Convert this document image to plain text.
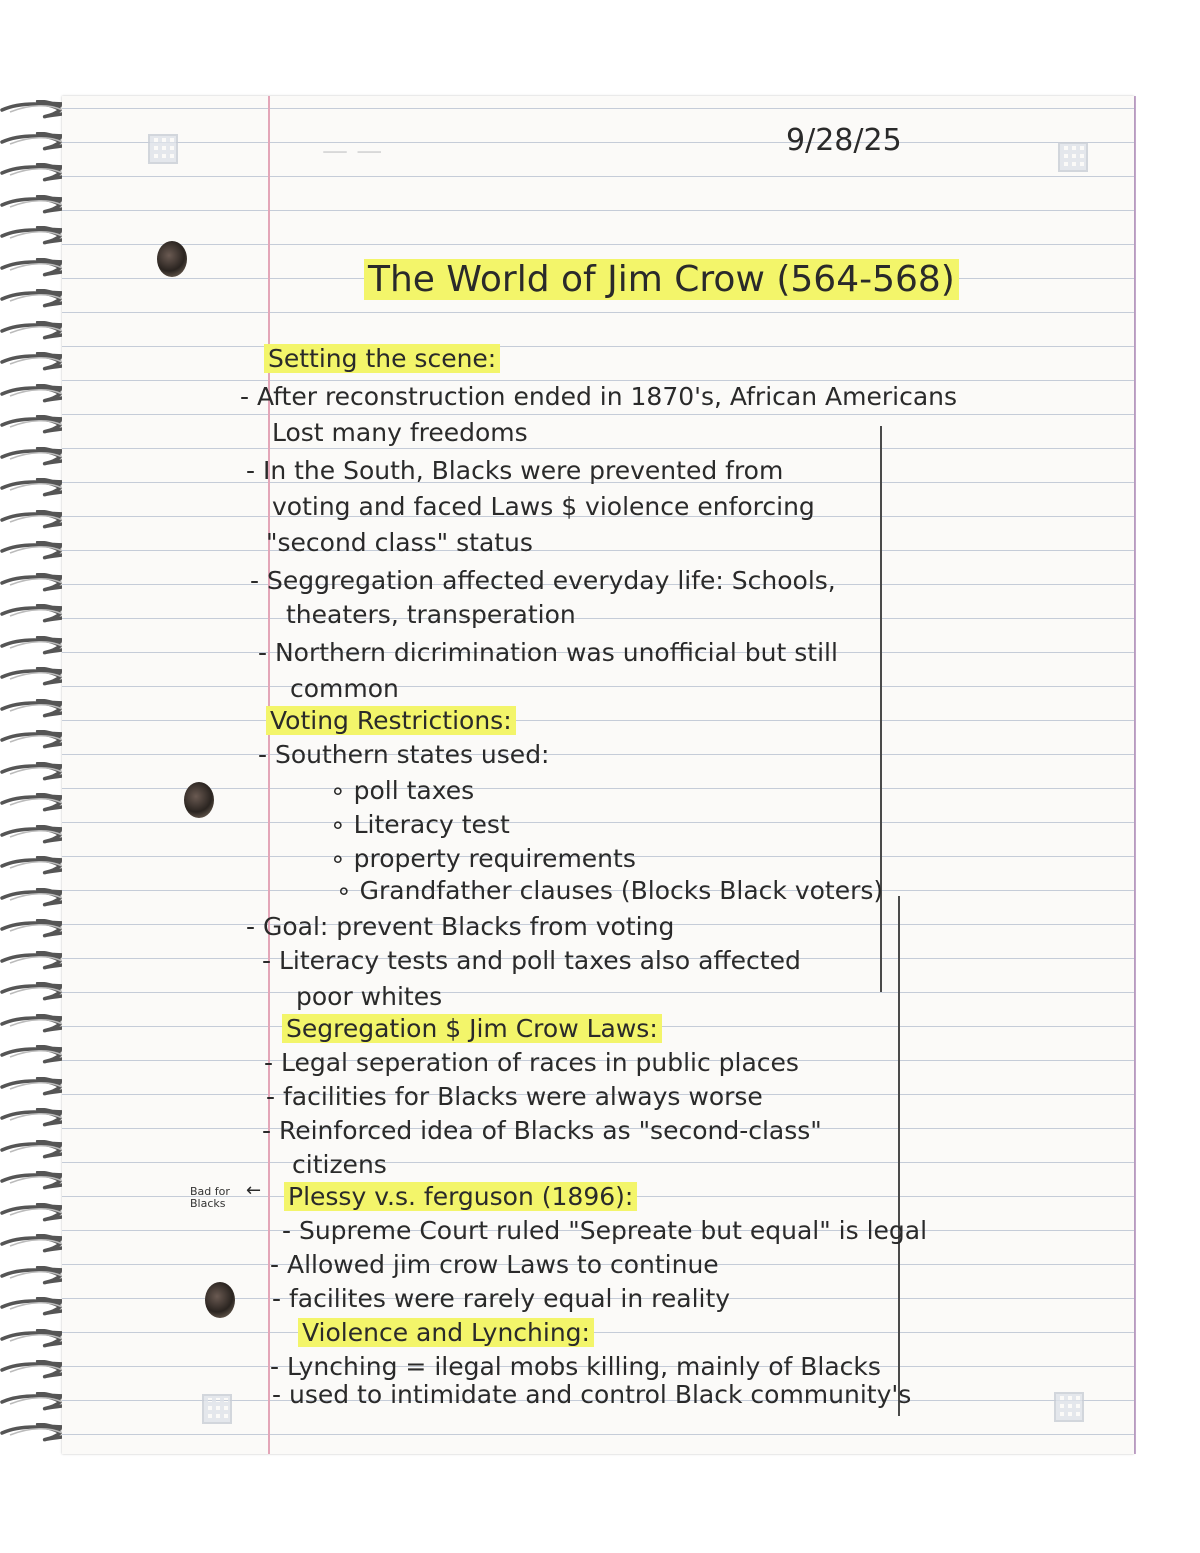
— —	9/28/25
The World of Jim Crow (564-568)
Bad for Blacks
←
Setting the scene:
- After reconstruction ended in 1870's, African Americans
Lost many freedoms
- In the South, Blacks were prevented from
voting and faced Laws $ violence enforcing
"second class" status
- Seggregation affected everyday life: Schools,
theaters, transperation
- Northern dicrimination was unofficial but still
common
Voting Restrictions:
- Southern states used:
∘ poll taxes
∘ Literacy test
∘ property requirements
∘ Grandfather clauses (Blocks Black voters)
- Goal: prevent Blacks from voting
- Literacy tests and poll taxes also affected
poor whites
Segregation $ Jim Crow Laws:
- Legal seperation of races in public places
- facilities for Blacks were always worse
- Reinforced idea of Blacks as "second-class"
citizens
Plessy v.s. ferguson (1896):
- Supreme Court ruled "Sepreate but equal" is legal
- Allowed jim crow Laws to continue
- facilites were rarely equal in reality
Violence and Lynching:
- Lynching = ilegal mobs killing, mainly of Blacks
- used to intimidate and control Black community's
